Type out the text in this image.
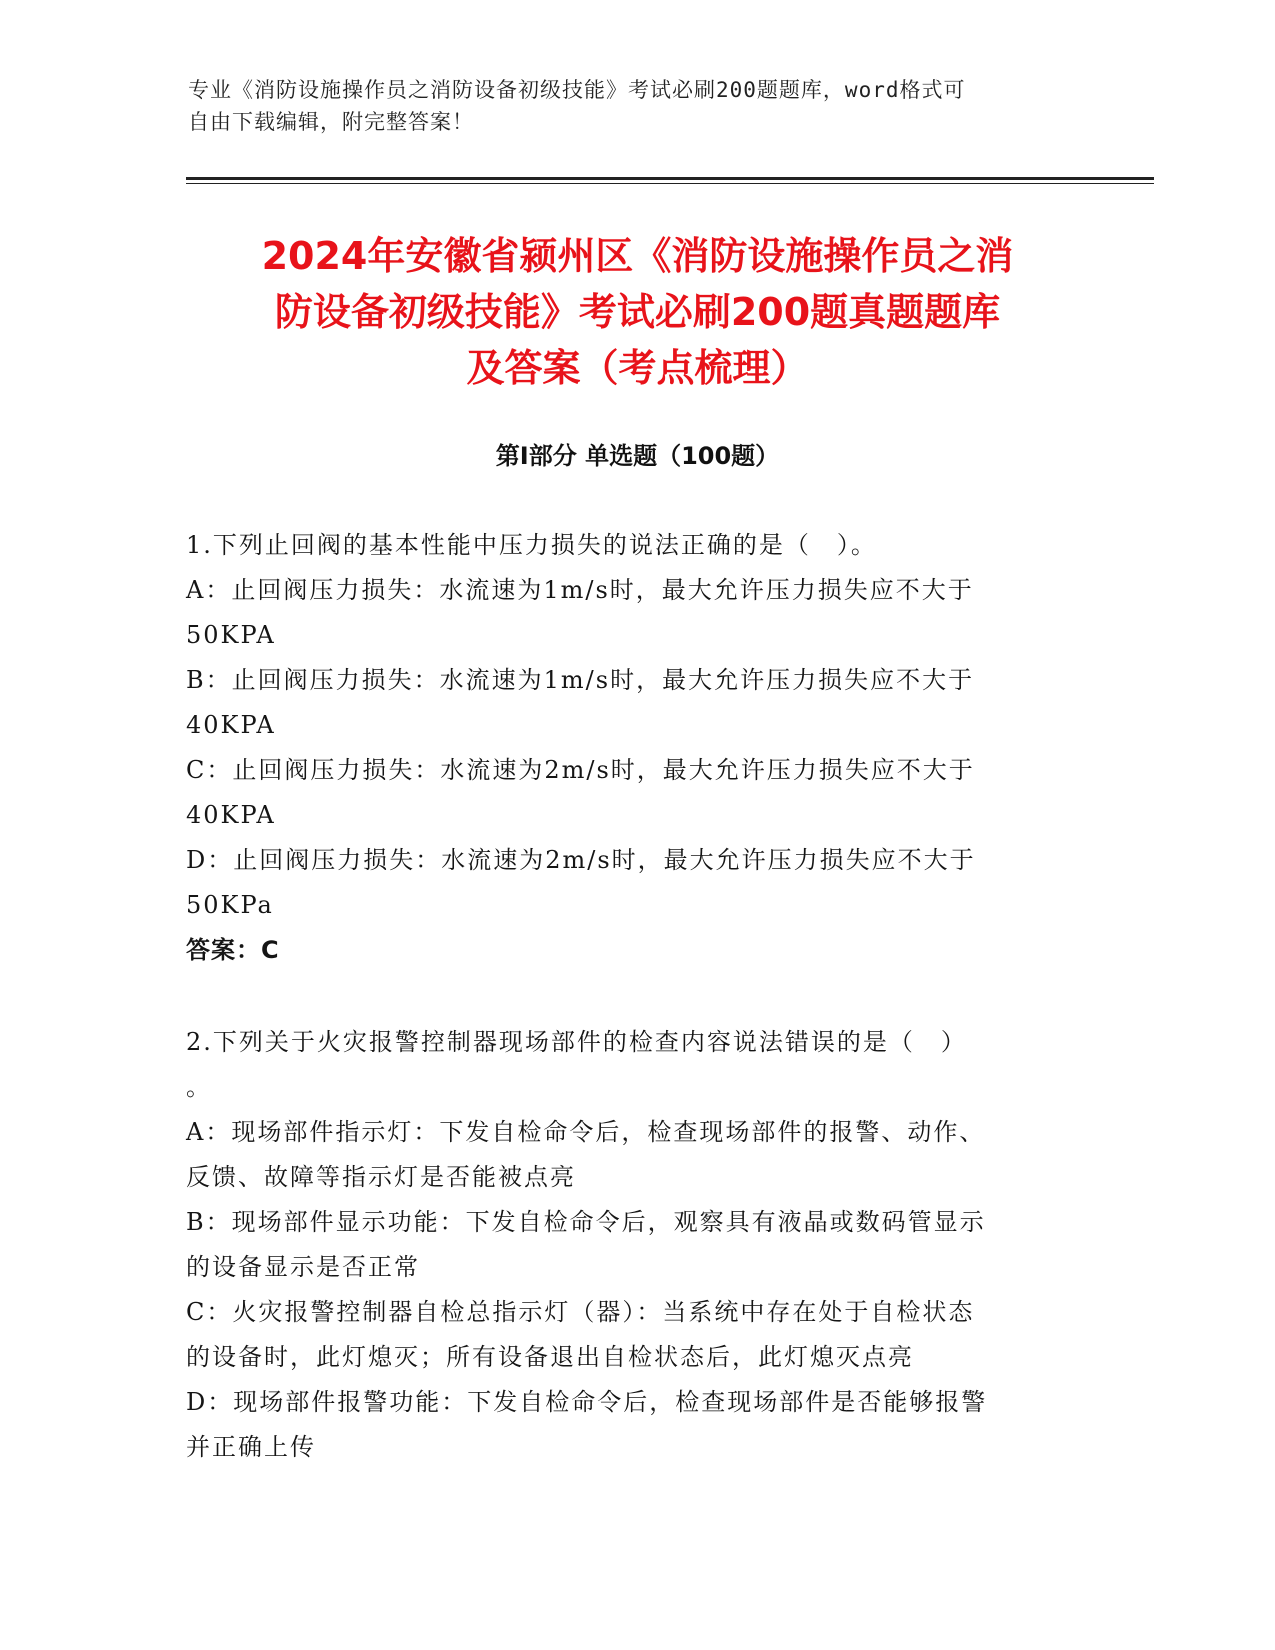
专业《消防设施操作员之消防设备初级技能》考试必刷200题题库，word格式可
自由下载编辑，附完整答案！
2024年安徽省颍州区《消防设施操作员之消
防设备初级技能》考试必刷200题真题题库
及答案（考点梳理）
第Ⅰ部分 单选题（100题）
1.下列止回阀的基本性能中压力损失的说法正确的是（　）。
A：止回阀压力损失：水流速为1m/s时，最大允许压力损失应不大于
50KPA
B：止回阀压力损失：水流速为1m/s时，最大允许压力损失应不大于
40KPA
C：止回阀压力损失：水流速为2m/s时，最大允许压力损失应不大于
40KPA
D：止回阀压力损失：水流速为2m/s时，最大允许压力损失应不大于
50KPa
答案：C
2.下列关于火灾报警控制器现场部件的检查内容说法错误的是（　）
。
A：现场部件指示灯：下发自检命令后，检查现场部件的报警、动作、
反馈、故障等指示灯是否能被点亮
B：现场部件显示功能：下发自检命令后，观察具有液晶或数码管显示
的设备显示是否正常
C：火灾报警控制器自检总指示灯（器）：当系统中存在处于自检状态
的设备时，此灯熄灭；所有设备退出自检状态后，此灯熄灭点亮
D：现场部件报警功能：下发自检命令后，检查现场部件是否能够报警
并正确上传
